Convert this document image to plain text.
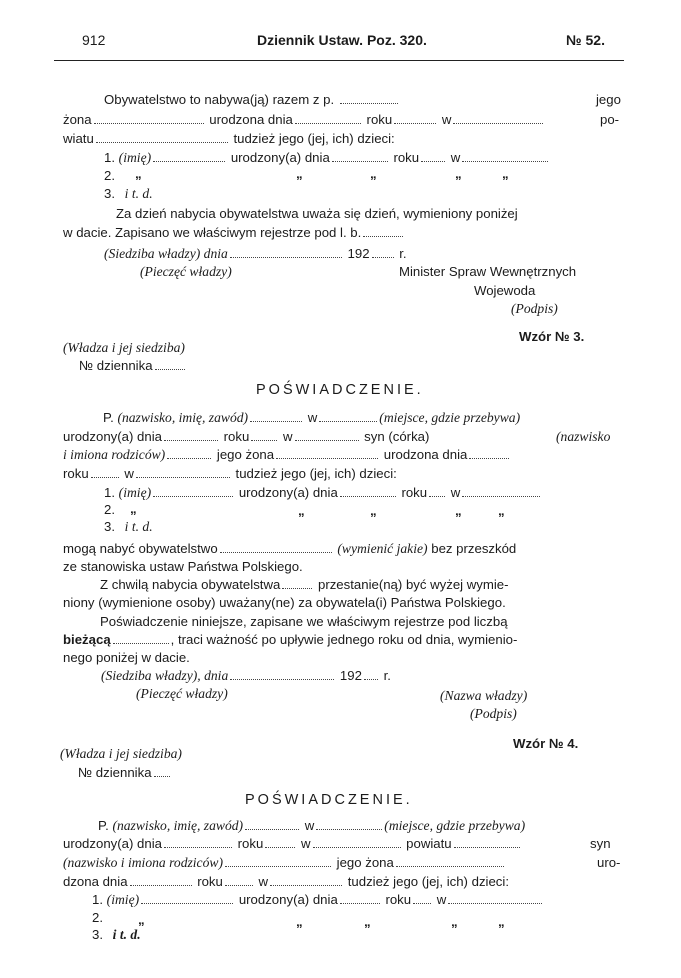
912	Dziennik Ustaw. Poz. 320.	№ 52.
Obywatelstwo to nabywa(ją) razem z p.	jego
żona	urodzona dnia	roku	w	po-
wiatu	tudzież jego (jej, ich) dzieci:
1. (imię)	urodzony(a) dnia	roku w
2. „	„	„	„	„
3. i t. d.
Za dzień nabycia obywatelstwa uważa się dzień, wymieniony poniżej
w dacie. Zapisano we właściwym rejestrze pod l. b.
(Siedziba władzy) dnia	192 r.
(Pieczęć władzy)	Minister Spraw Wewnętrznych
Wojewoda
(Podpis)
Wzór № 3.
(Władza i jej siedziba)
№ dziennika
POŚWIADCZENIE.
P. (nazwisko, imię, zawód)	w	(miejsce, gdzie przebywa)
urodzony(a) dnia	roku	w	syn (córka)	(nazwisko
i imiona rodziców)	jego żona	urodzona dnia
roku	w	tudzież jego (jej, ich) dzieci:
1. (imię)	urodzony(a) dnia	roku w
2. „	„	„	„	„
3. i t. d.
mogą nabyć obywatelstwo	(wymienić jakie) bez przeszkód
ze stanowiska ustaw Państwa Polskiego.
Z chwilą nabycia obywatelstwa	przestanie(ną) być wyżej wymie-
niony (wymienione osoby) uważany(ne) za obywatela(i) Państwa Polskiego.
Poświadczenie niniejsze, zapisane we właściwym rejestrze pod liczbą
bieżącą	, traci ważność po upływie jednego roku od dnia, wymienio-
nego poniżej w dacie.
(Siedziba władzy), dnia	192 r.
(Pieczęć władzy)	(Nazwa władzy)
(Podpis)
Wzór № 4.
(Władza i jej siedziba)
№ dziennika
POŚWIADCZENIE.
P. (nazwisko, imię, zawód)	w	(miejsce, gdzie przebywa)
urodzony(a) dnia	roku	w	powiatu	syn
(nazwisko i imiona rodziców)	jego żona	uro-
dzona dnia	roku	w	tudzież jego (jej, ich) dzieci:
1. (imię)	urodzony(a) dnia	roku w
2.	„	„	„	„	„
3. i t. d.
